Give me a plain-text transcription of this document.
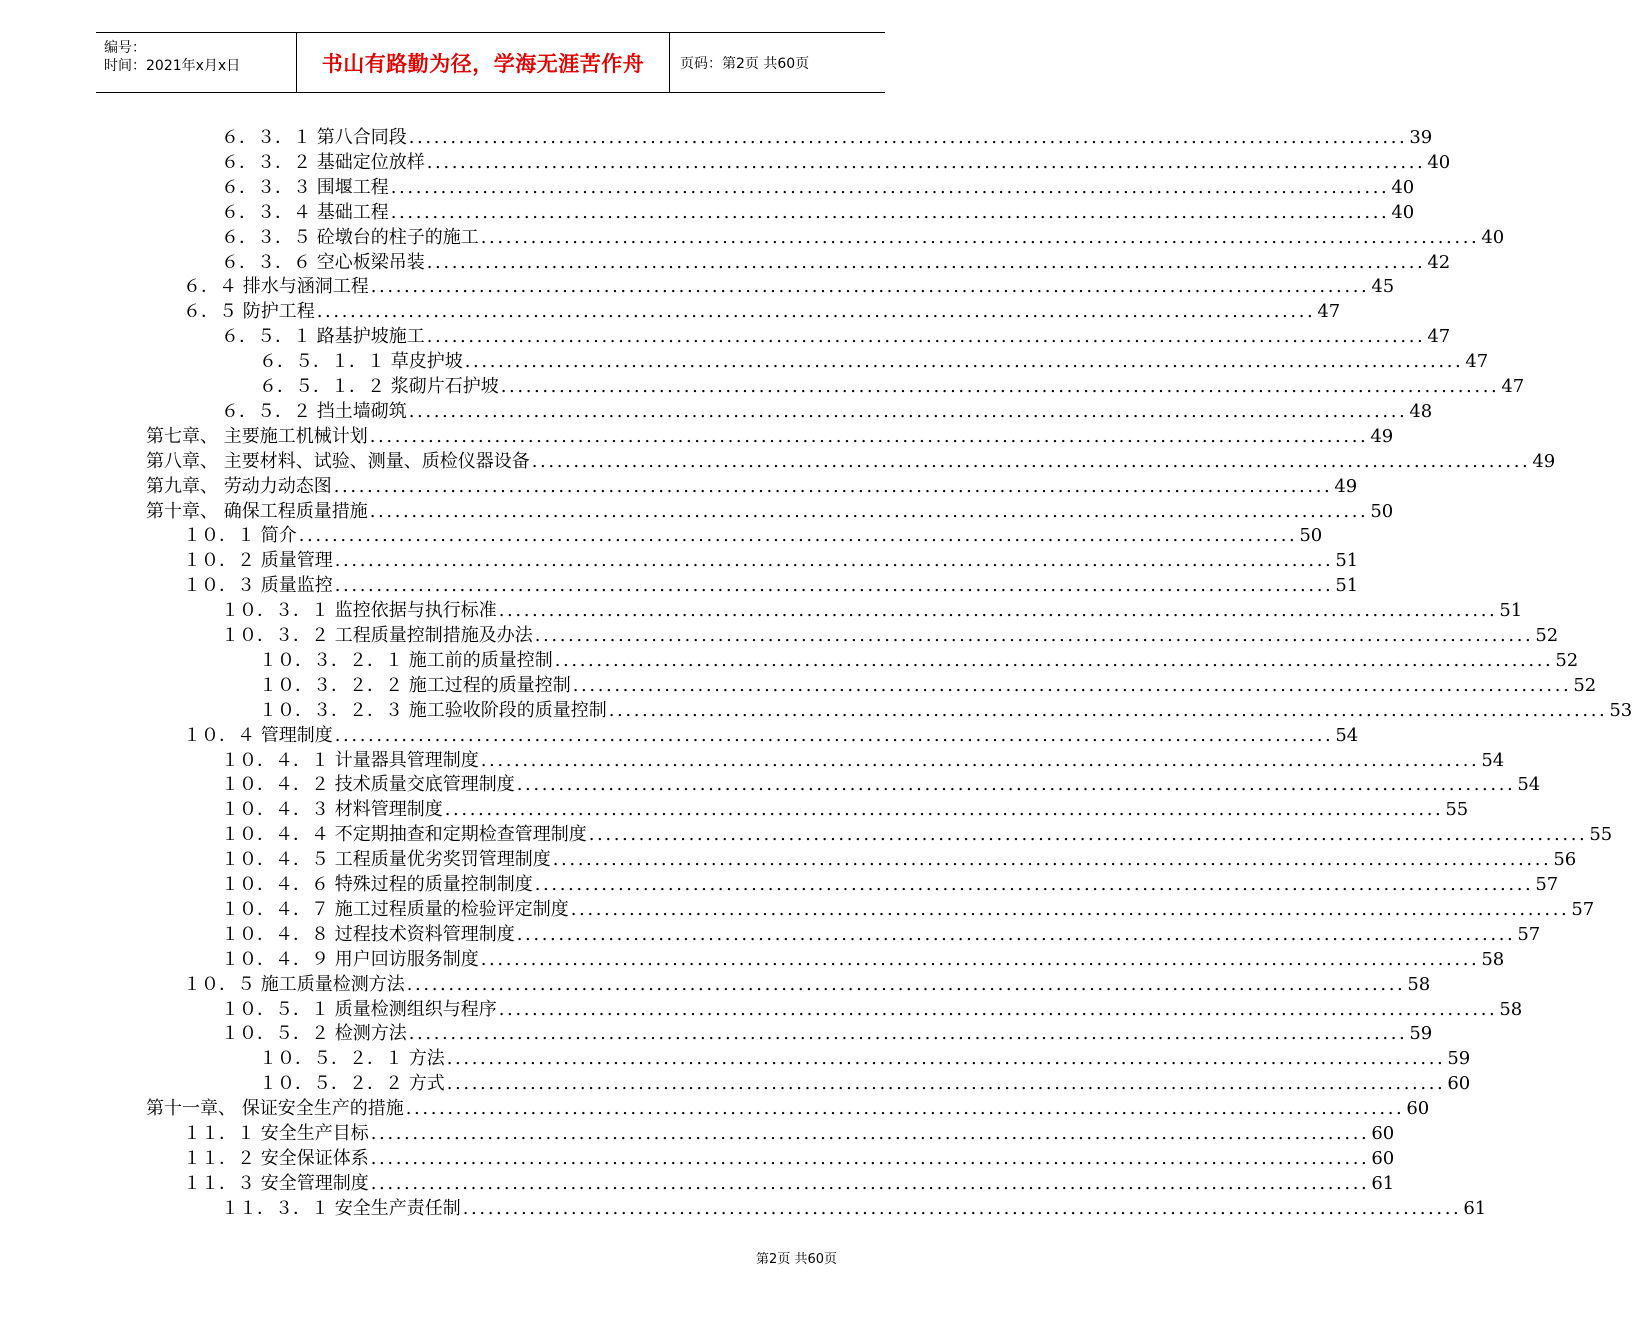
编号：
时间：2021年x月x日	书山有路勤为径，学海无涯苦作舟	页码：第2页 共60页
６．３．１ 第八合同段 ........................................................................................................................ 39
６．３．２ 基础定位放样 ........................................................................................................................ 40
６．３．３ 围堰工程 ........................................................................................................................ 40
６．３．４ 基础工程 ........................................................................................................................ 40
６．３．５ 砼墩台的柱子的施工 ........................................................................................................................ 40
６．３．６ 空心板梁吊装 ........................................................................................................................ 42
６．４ 排水与涵洞工程 ........................................................................................................................ 45
６．５ 防护工程 ........................................................................................................................ 47
６．５．１ 路基护坡施工 ........................................................................................................................ 47
６．５．１．１ 草皮护坡 ........................................................................................................................ 47
６．５．１．２ 浆砌片石护坡 ........................................................................................................................ 47
６．５．２ 挡土墙砌筑 ........................................................................................................................ 48
第七章、 主要施工机械计划 ........................................................................................................................ 49
第八章、 主要材料、试验、测量、质检仪器设备 ........................................................................................................................ 49
第九章、 劳动力动态图 ........................................................................................................................ 49
第十章、 确保工程质量措施 ........................................................................................................................ 50
１０．１ 简介 ........................................................................................................................ 50
１０．２ 质量管理 ........................................................................................................................ 51
１０．３ 质量监控 ........................................................................................................................ 51
１０．３．１ 监控依据与执行标准 ........................................................................................................................ 51
１０．３．２ 工程质量控制措施及办法 ........................................................................................................................ 52
１０．３．２．１ 施工前的质量控制 ........................................................................................................................ 52
１０．３．２．２ 施工过程的质量控制 ........................................................................................................................ 52
１０．３．２．３ 施工验收阶段的质量控制 ........................................................................................................................ 53
１０．４ 管理制度 ........................................................................................................................ 54
１０．４．１ 计量器具管理制度 ........................................................................................................................ 54
１０．４．２ 技术质量交底管理制度 ........................................................................................................................ 54
１０．４．３ 材料管理制度 ........................................................................................................................ 55
１０．４．４ 不定期抽查和定期检查管理制度 ........................................................................................................................ 55
１０．４．５ 工程质量优劣奖罚管理制度 ........................................................................................................................ 56
１０．４．６ 特殊过程的质量控制制度 ........................................................................................................................ 57
１０．４．７ 施工过程质量的检验评定制度 ........................................................................................................................ 57
１０．４．８ 过程技术资料管理制度 ........................................................................................................................ 57
１０．４．９ 用户回访服务制度 ........................................................................................................................ 58
１０．５ 施工质量检测方法 ........................................................................................................................ 58
１０．５．１ 质量检测组织与程序 ........................................................................................................................ 58
１０．５．２ 检测方法 ........................................................................................................................ 59
１０．５．２．１ 方法 ........................................................................................................................ 59
１０．５．２．２ 方式 ........................................................................................................................ 60
第十一章、 保证安全生产的措施 ........................................................................................................................ 60
１１．１ 安全生产目标 ........................................................................................................................ 60
１１．２ 安全保证体系 ........................................................................................................................ 60
１１．３ 安全管理制度 ........................................................................................................................ 61
１１．３．１ 安全生产责任制 ........................................................................................................................ 61
第2页 共60页
